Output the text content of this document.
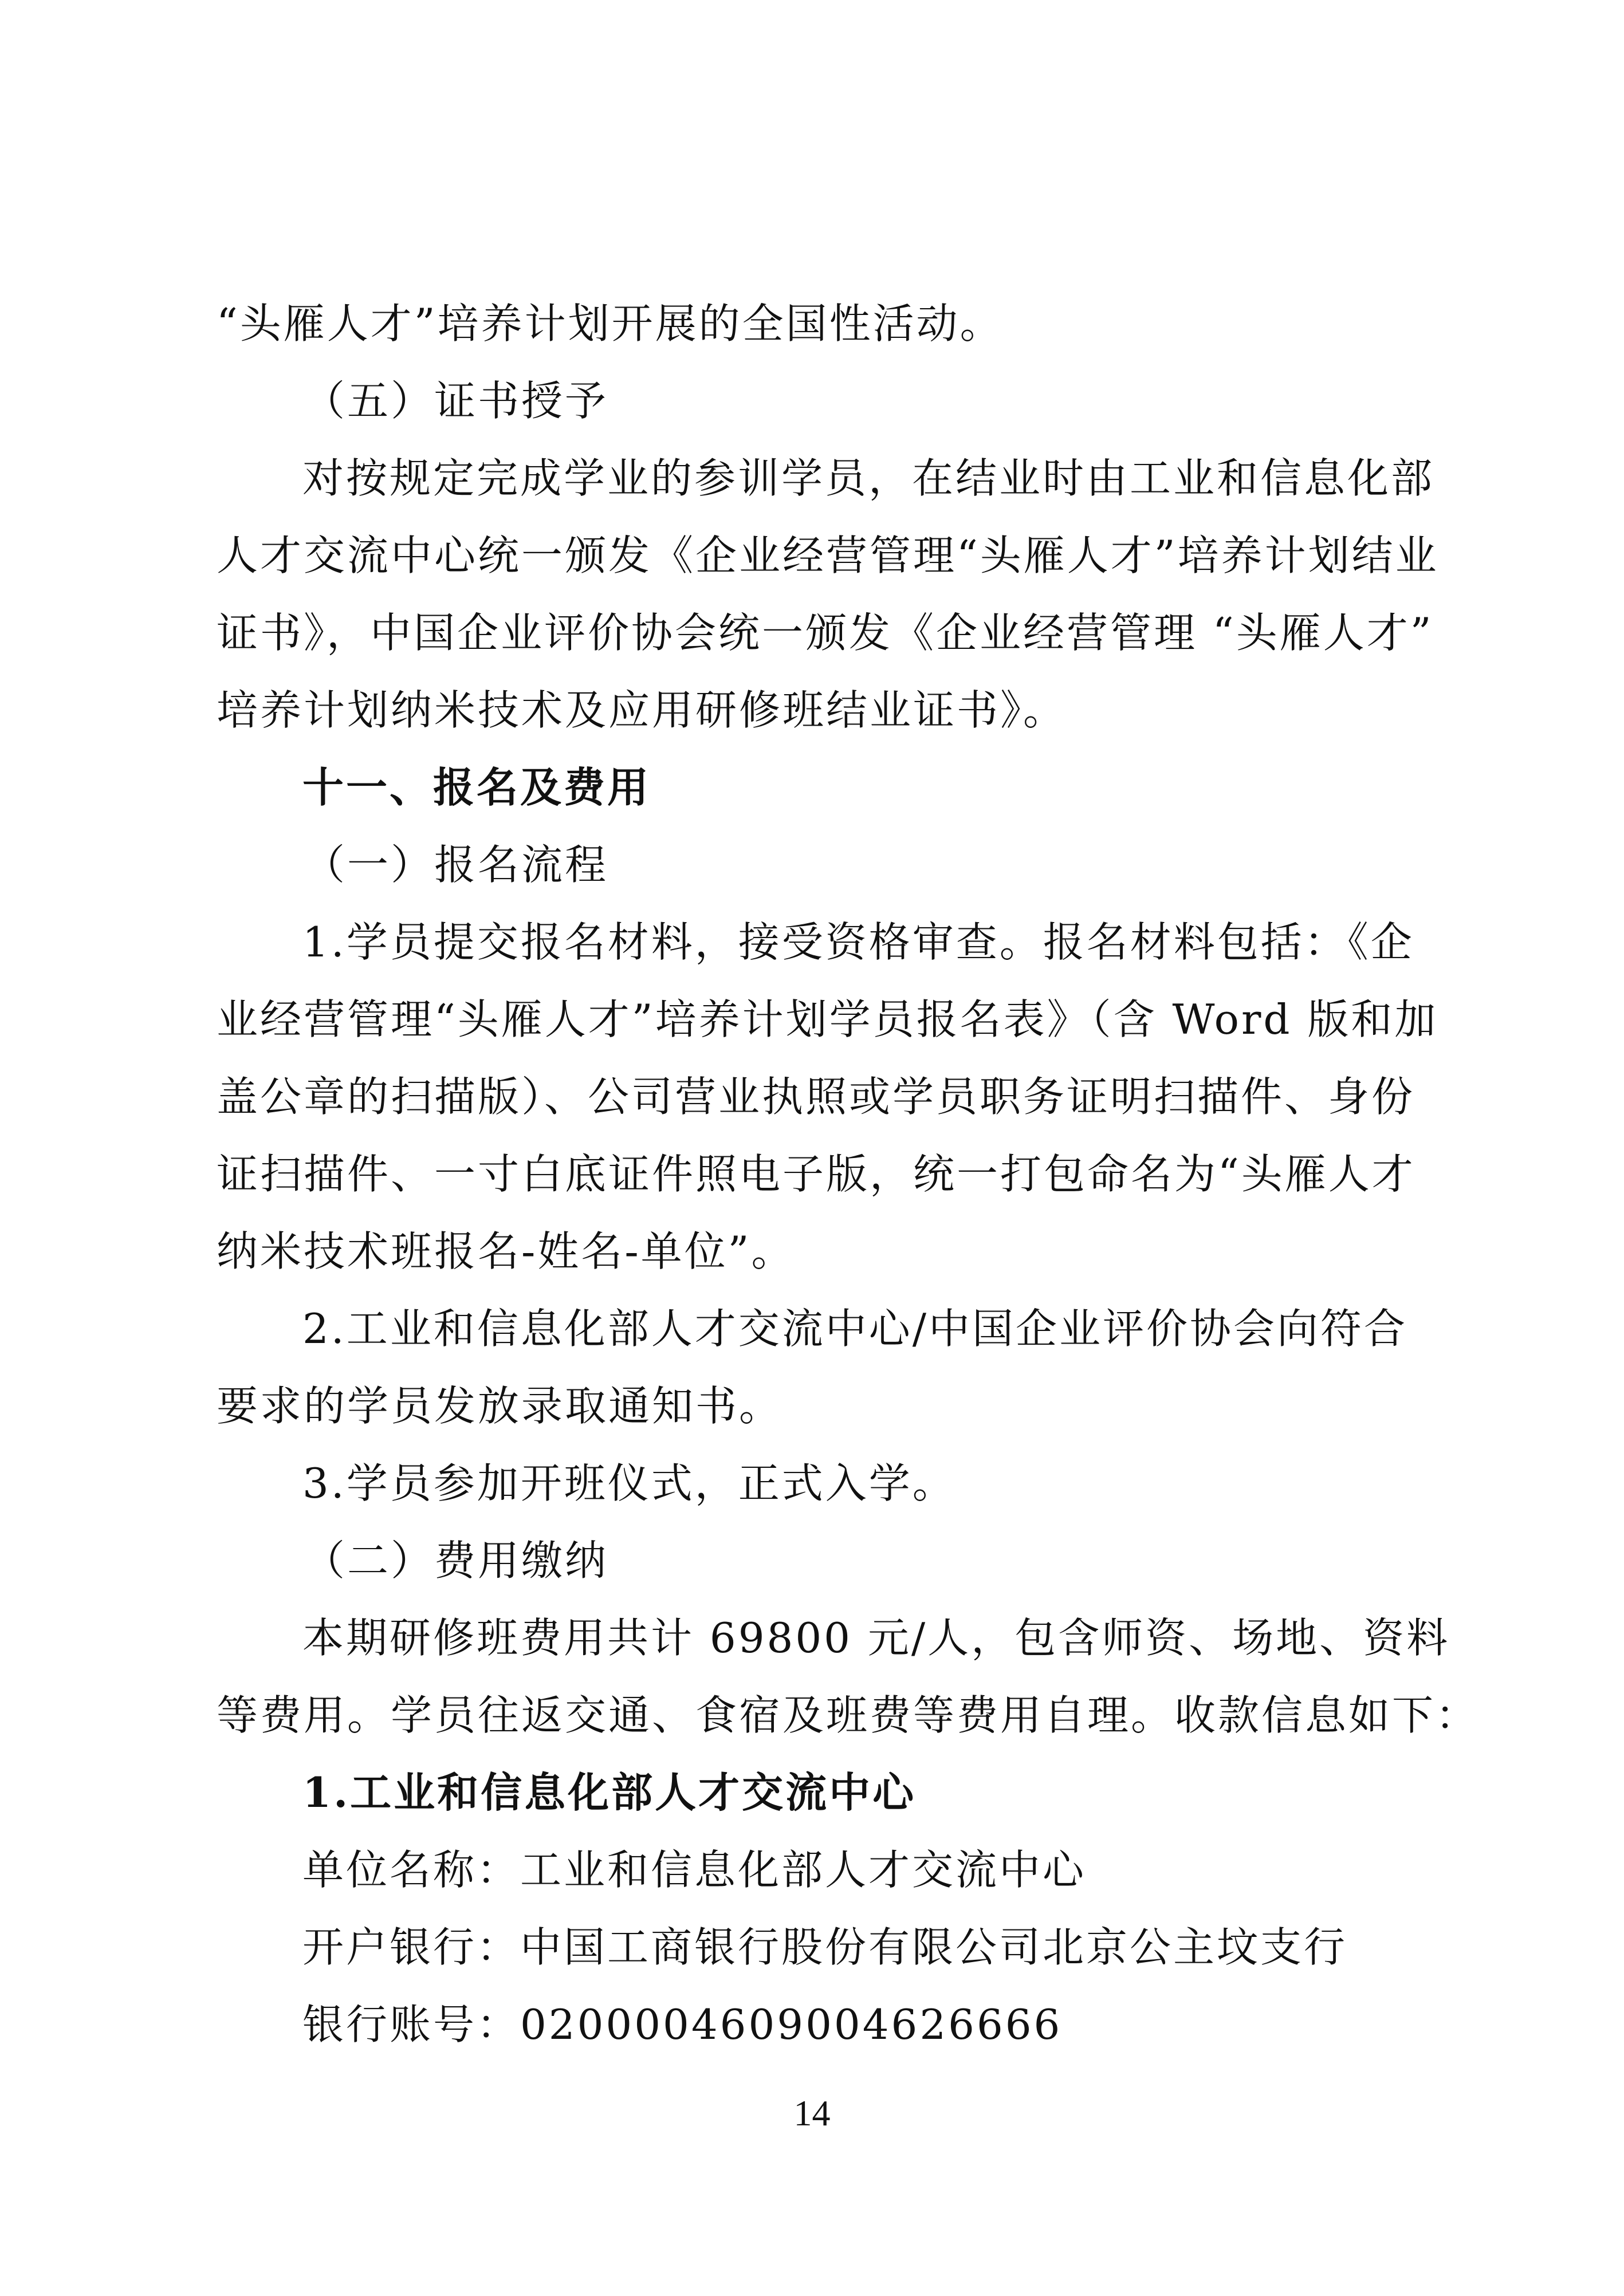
“头雁人才”培养计划开展的全国性活动。
（五）证书授予
对按规定完成学业的参训学员，在结业时由工业和信息化部
人才交流中心统一颁发《企业经营管理“头雁人才”培养计划结业
证书》，中国企业评价协会统一颁发《企业经营管理 “头雁人才”
培养计划纳米技术及应用研修班结业证书》。
十一、报名及费用
（一）报名流程
1.学员提交报名材料，接受资格审查。报名材料包括：《企
业经营管理“头雁人才”培养计划学员报名表》（含 Word 版和加
盖公章的扫描版）、公司营业执照或学员职务证明扫描件、身份
证扫描件、一寸白底证件照电子版，统一打包命名为“头雁人才
纳米技术班报名-姓名-单位”。
2.工业和信息化部人才交流中心/中国企业评价协会向符合
要求的学员发放录取通知书。
3.学员参加开班仪式，正式入学。
（二）费用缴纳
本期研修班费用共计 69800 元/人，包含师资、场地、资料
等费用。学员往返交通、食宿及班费等费用自理。收款信息如下：
1.工业和信息化部人才交流中心
单位名称：工业和信息化部人才交流中心
开户银行：中国工商银行股份有限公司北京公主坟支行
银行账号：0200004609004626666
14
